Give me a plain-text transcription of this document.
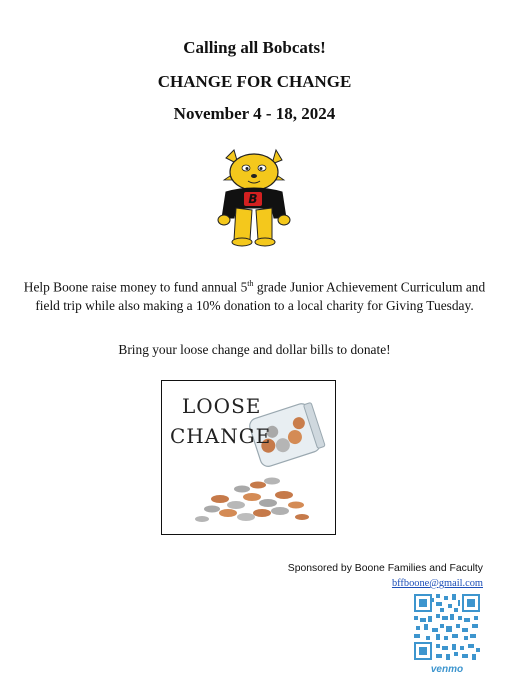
Calling all Bobcats!
CHANGE FOR CHANGE
November 4 - 18, 2024
B
Help Boone raise money to fund annual 5th grade Junior Achievement Curriculum and field trip while also making a 10% donation to a local charity for Giving Tuesday.
Bring your loose change and dollar bills to donate!
LOOSE
CHANGE
Sponsored by Boone Families and Faculty
bffboone@gmail.com
venmo
